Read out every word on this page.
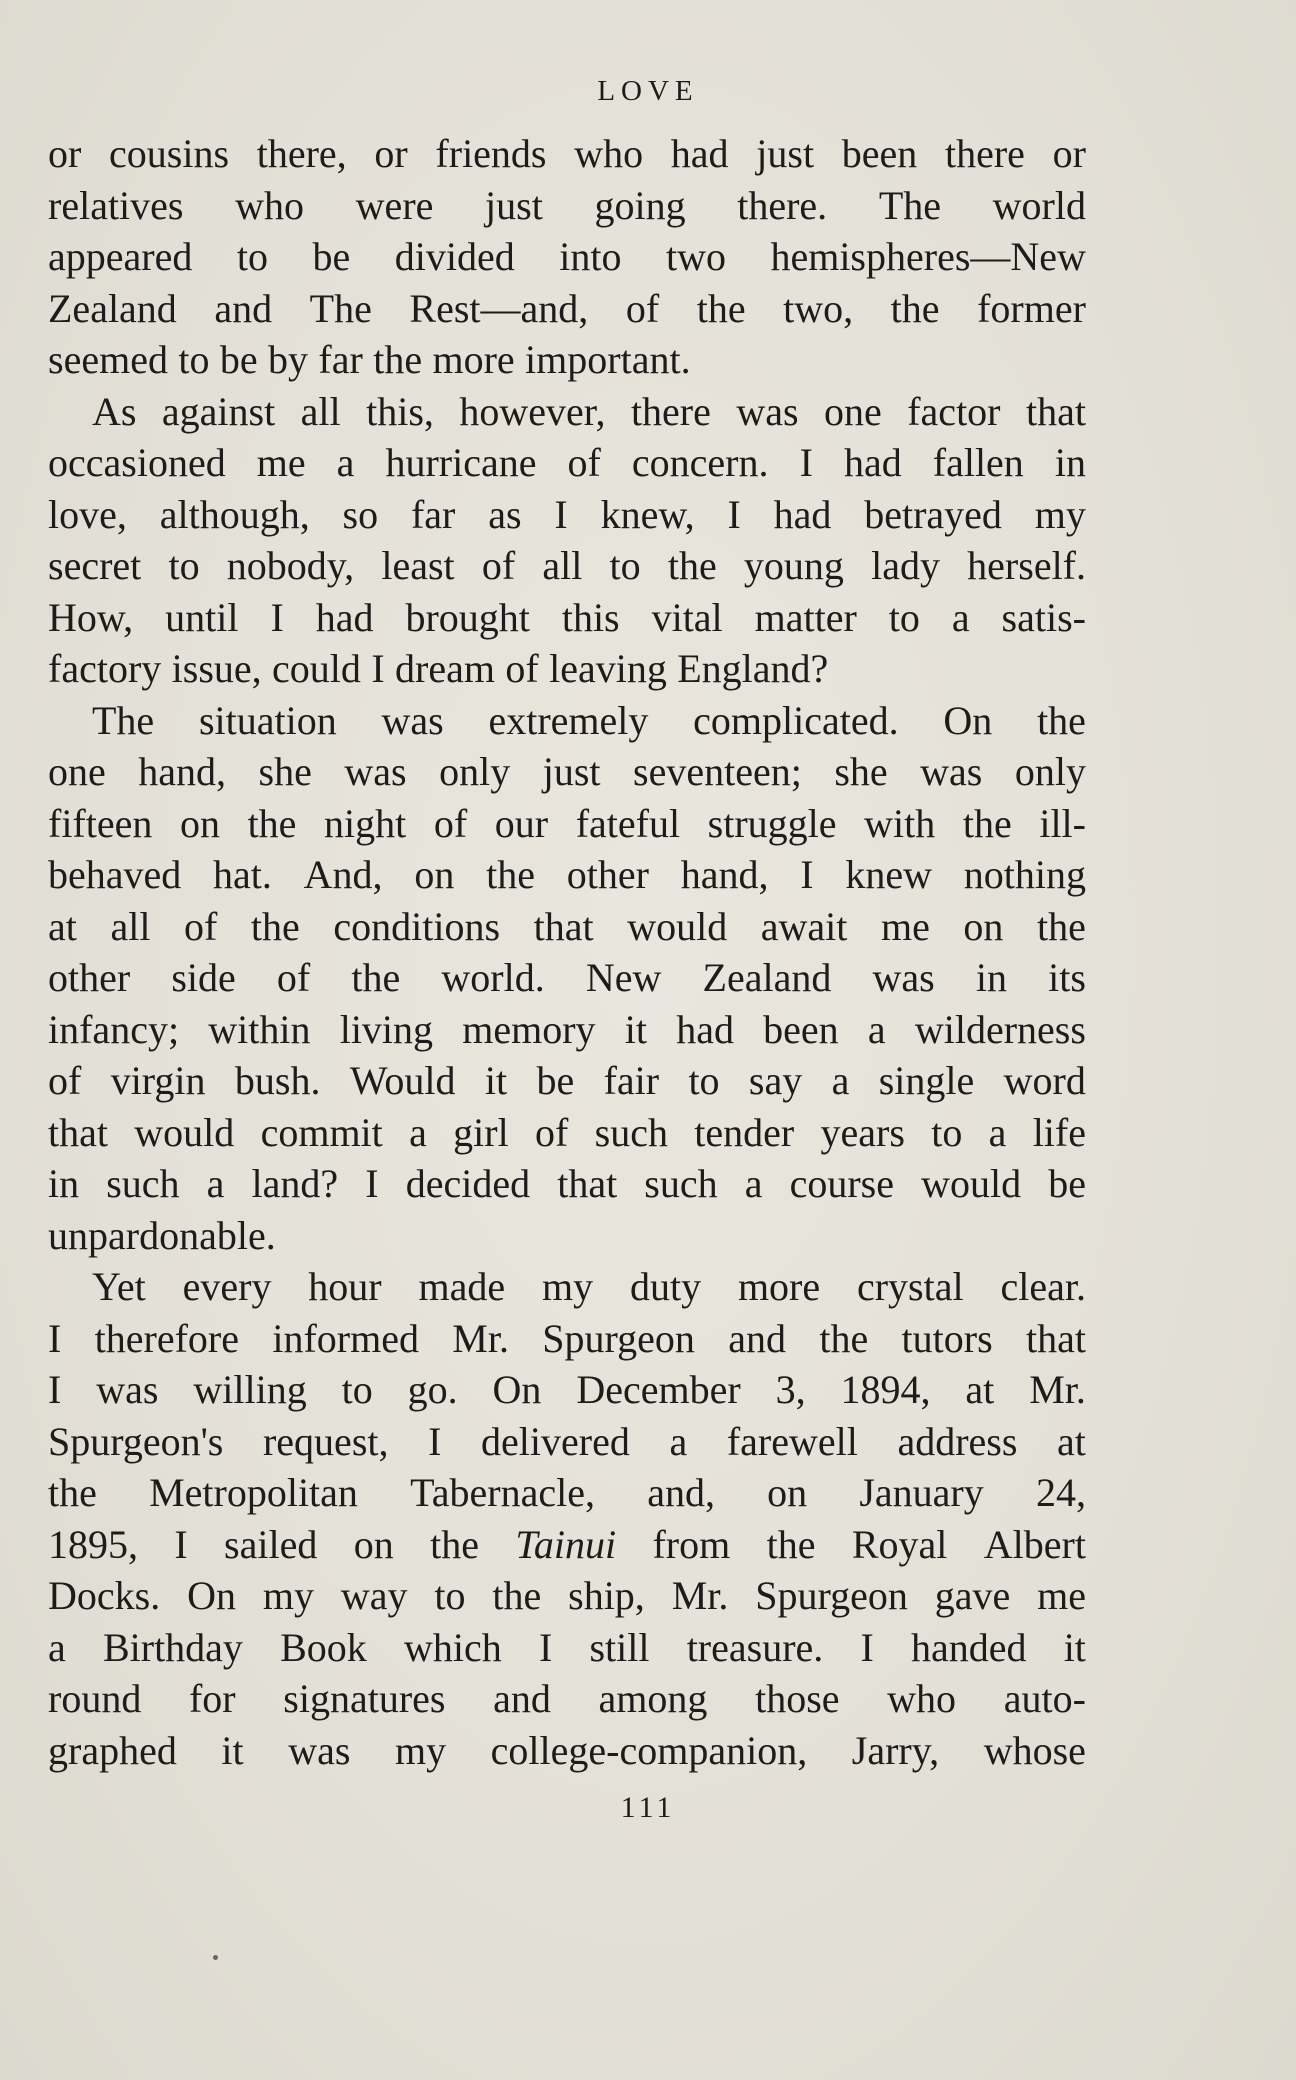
LOVE
or cousins there, or friends who had just been there or
relatives who were just going there. The world
appeared to be divided into two hemispheres—New
Zealand and The Rest—and, of the two, the former
seemed to be by far the more important.
As against all this, however, there was one factor that
occasioned me a hurricane of concern. I had fallen in
love, although, so far as I knew, I had betrayed my
secret to nobody, least of all to the young lady herself.
How, until I had brought this vital matter to a satis-
factory issue, could I dream of leaving England?
The situation was extremely complicated. On the
one hand, she was only just seventeen; she was only
fifteen on the night of our fateful struggle with the ill-
behaved hat. And, on the other hand, I knew nothing
at all of the conditions that would await me on the
other side of the world. New Zealand was in its
infancy; within living memory it had been a wilderness
of virgin bush. Would it be fair to say a single word
that would commit a girl of such tender years to a life
in such a land? I decided that such a course would be
unpardonable.
Yet every hour made my duty more crystal clear.
I therefore informed Mr. Spurgeon and the tutors that
I was willing to go. On December 3, 1894, at Mr.
Spurgeon's request, I delivered a farewell address at
the Metropolitan Tabernacle, and, on January 24,
1895, I sailed on the Tainui from the Royal Albert
Docks. On my way to the ship, Mr. Spurgeon gave me
a Birthday Book which I still treasure. I handed it
round for signatures and among those who auto-
graphed it was my college-companion, Jarry, whose
111
